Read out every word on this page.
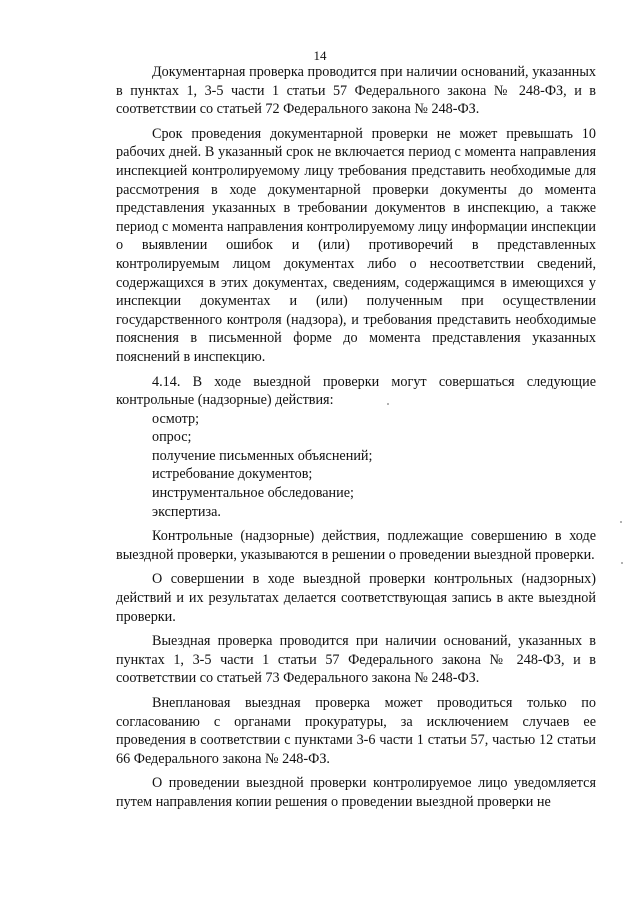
14

Документарная проверка проводится при наличии оснований, указанных в пунктах 1, 3-5 части 1 статьи 57 Федерального закона № 248-ФЗ, и в соответствии со статьей 72 Федерального закона № 248-ФЗ.

Срок проведения документарной проверки не может превышать 10 рабочих дней. В указанный срок не включается период с момента направления инспекцией контролируемому лицу требования представить необходимые для рассмотрения в ходе документарной проверки документы до момента представления указанных в требовании документов в инспекцию, а также период с момента направления контролируемому лицу информации инспекции о выявлении ошибок и (или) противоречий в представленных контролируемым лицом документах либо о несоответствии сведений, содержащихся в этих документах, сведениям, содержащимся в имеющихся у инспекции документах и (или) полученным при осуществлении государственного контроля (надзора), и требования представить необходимые пояснения в письменной форме до момента представления указанных пояснений в инспекцию.

4.14. В ходе выездной проверки могут совершаться следующие контрольные (надзорные) действия:

осмотр;
опрос;
получение письменных объяснений;
истребование документов;
инструментальное обследование;
экспертиза.

Контрольные (надзорные) действия, подлежащие совершению в ходе выездной проверки, указываются в решении о проведении выездной проверки.

О совершении в ходе выездной проверки контрольных (надзорных) действий и их результатах делается соответствующая запись в акте выездной проверки.

Выездная проверка проводится при наличии оснований, указанных в пунктах 1, 3-5 части 1 статьи 57 Федерального закона № 248-ФЗ, и в соответствии со статьей 73 Федерального закона № 248-ФЗ.

Внеплановая выездная проверка может проводиться только по согласованию с органами прокуратуры, за исключением случаев ее проведения в соответствии с пунктами 3-6 части 1 статьи 57, частью 12 статьи 66 Федерального закона № 248-ФЗ.

О проведении выездной проверки контролируемое лицо уведомляется путем направления копии решения о проведении выездной проверки не
